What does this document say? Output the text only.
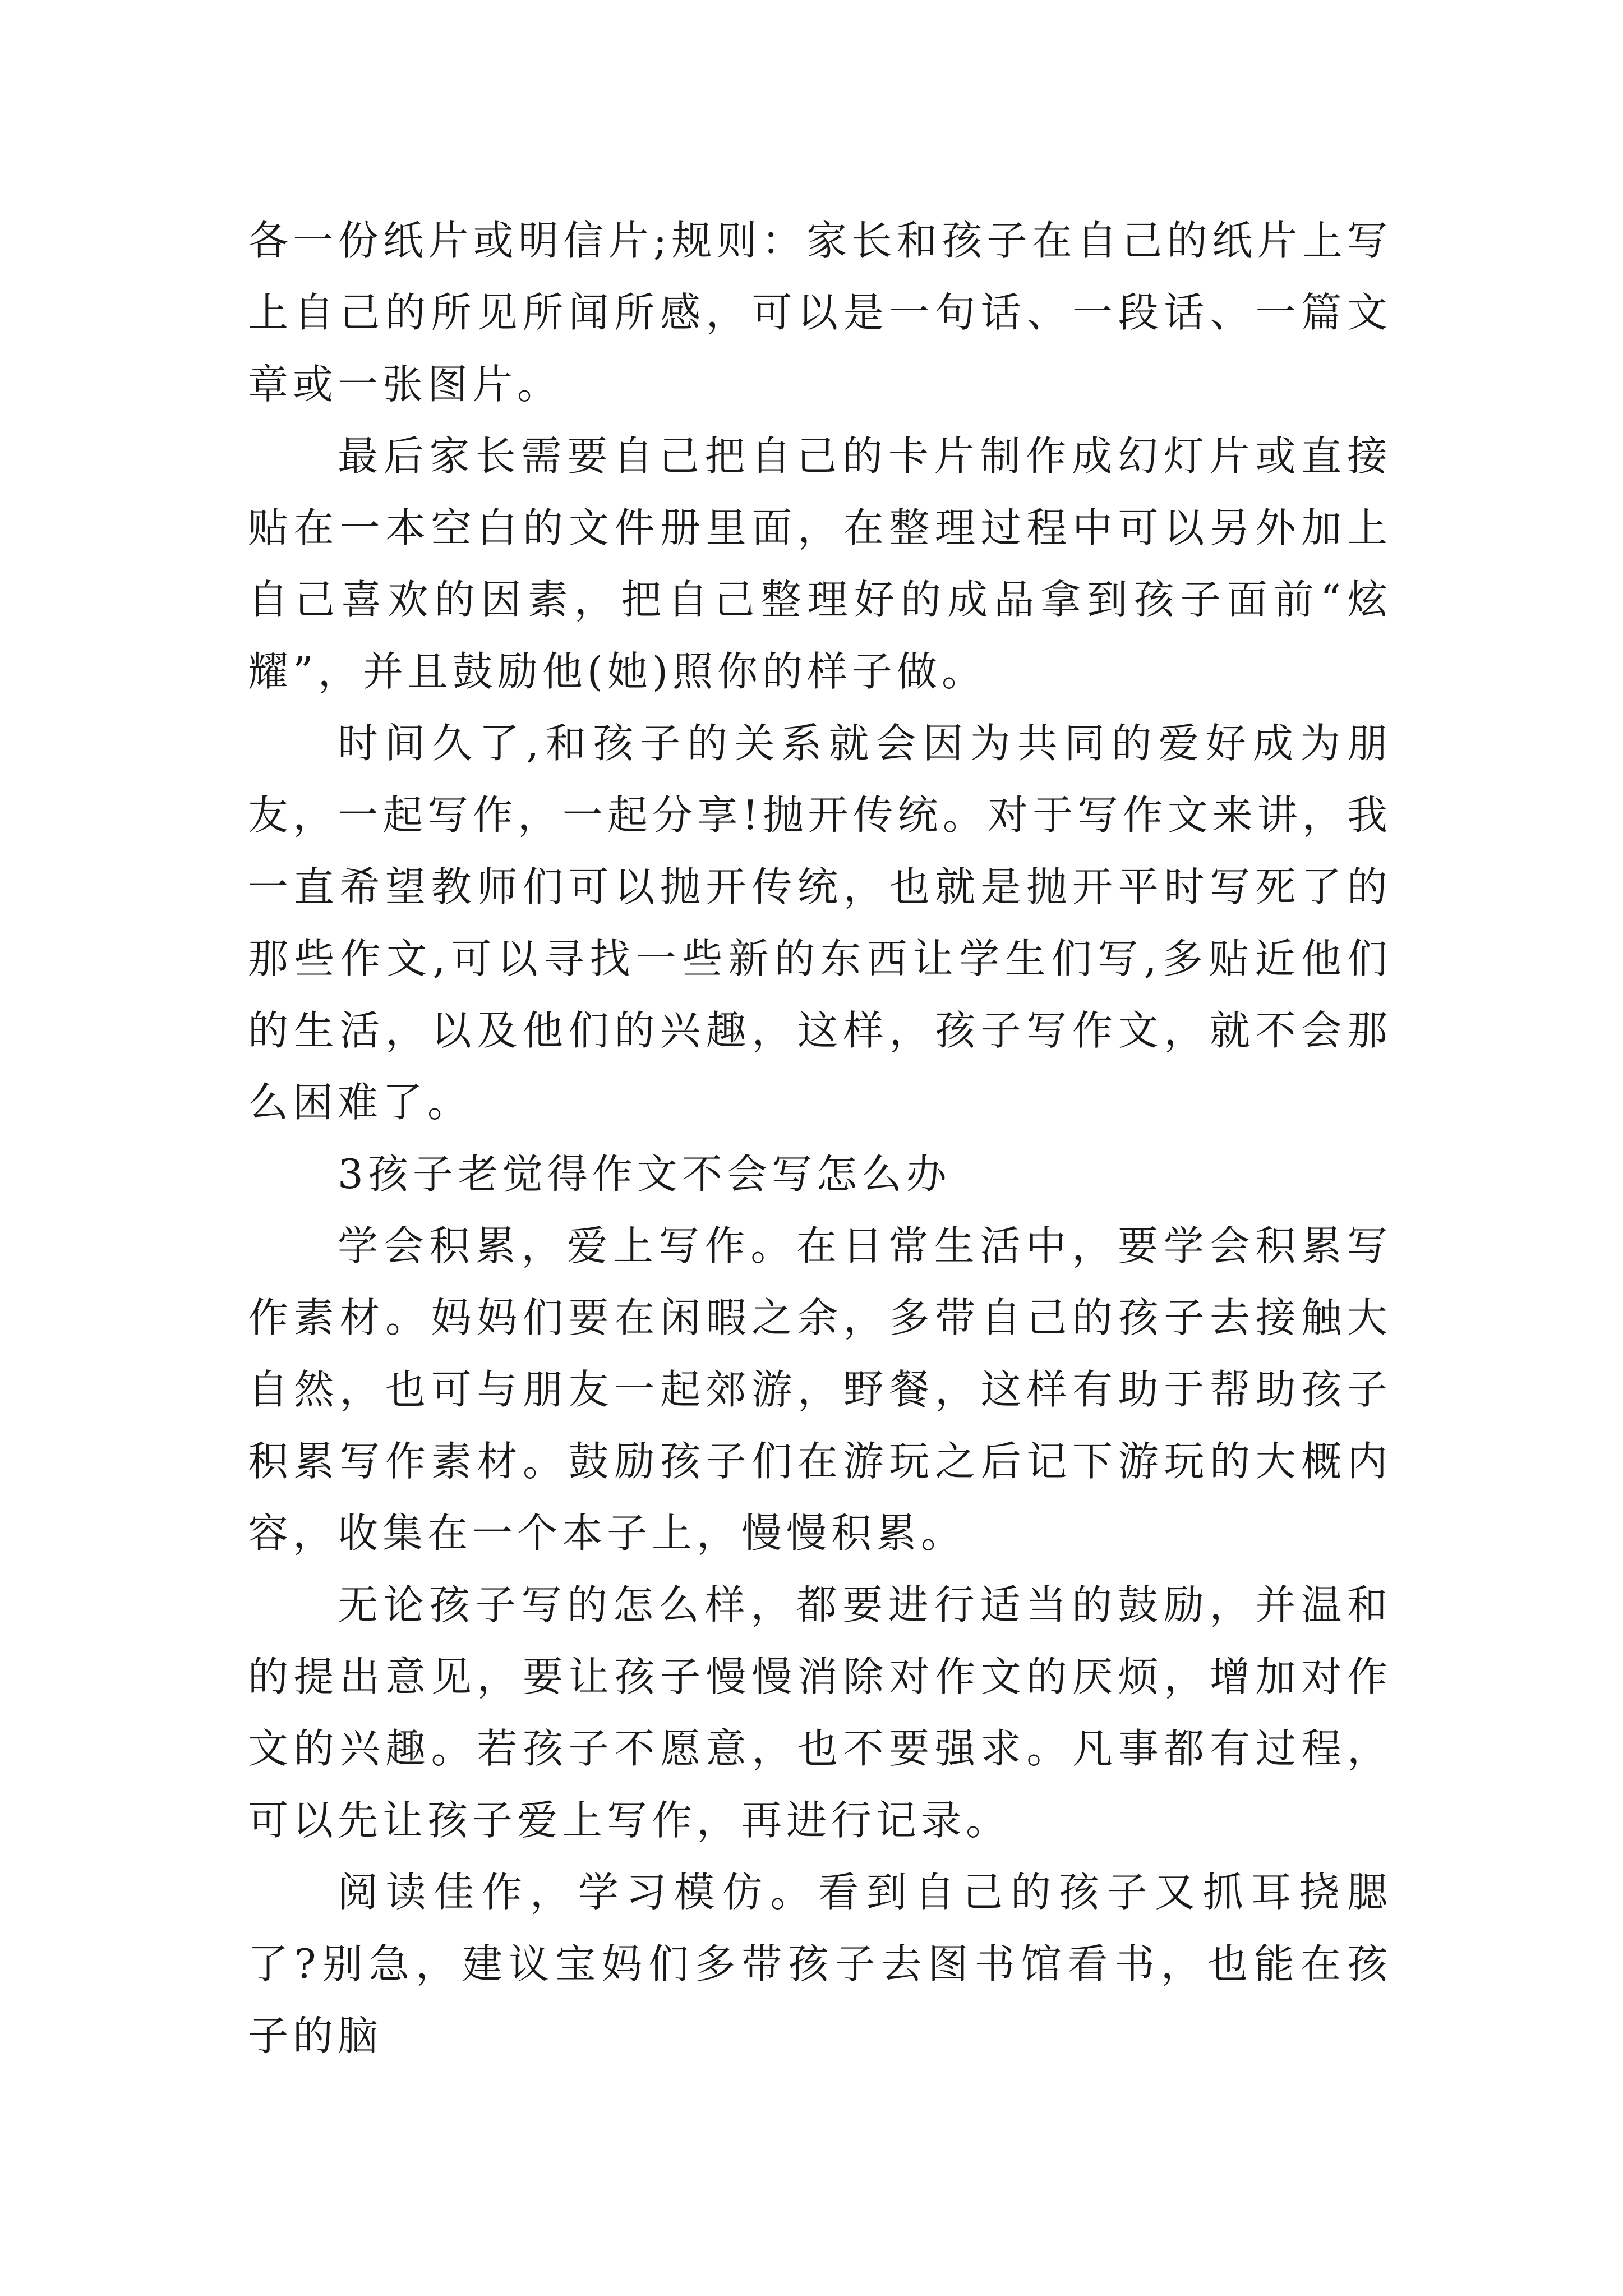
各一份纸片或明信片;规则：家长和孩子在自己的纸片上写上自己的所见所闻所感，可以是一句话、一段话、一篇文章或一张图片。

最后家长需要自己把自己的卡片制作成幻灯片或直接贴在一本空白的文件册里面，在整理过程中可以另外加上自己喜欢的因素，把自己整理好的成品拿到孩子面前“炫耀”，并且鼓励他(她)照你的样子做。

时间久了,和孩子的关系就会因为共同的爱好成为朋友，一起写作，一起分享!抛开传统。对于写作文来讲，我一直希望教师们可以抛开传统，也就是抛开平时写死了的那些作文,可以寻找一些新的东西让学生们写,多贴近他们的生活，以及他们的兴趣，这样，孩子写作文，就不会那么困难了。

3孩子老觉得作文不会写怎么办

学会积累，爱上写作。在日常生活中，要学会积累写作素材。妈妈们要在闲暇之余，多带自己的孩子去接触大自然，也可与朋友一起郊游，野餐，这样有助于帮助孩子积累写作素材。鼓励孩子们在游玩之后记下游玩的大概内容，收集在一个本子上，慢慢积累。

无论孩子写的怎么样，都要进行适当的鼓励，并温和的提出意见，要让孩子慢慢消除对作文的厌烦，增加对作文的兴趣。若孩子不愿意，也不要强求。凡事都有过程，可以先让孩子爱上写作，再进行记录。

阅读佳作，学习模仿。看到自己的孩子又抓耳挠腮了?别急，建议宝妈们多带孩子去图书馆看书，也能在孩子的脑
